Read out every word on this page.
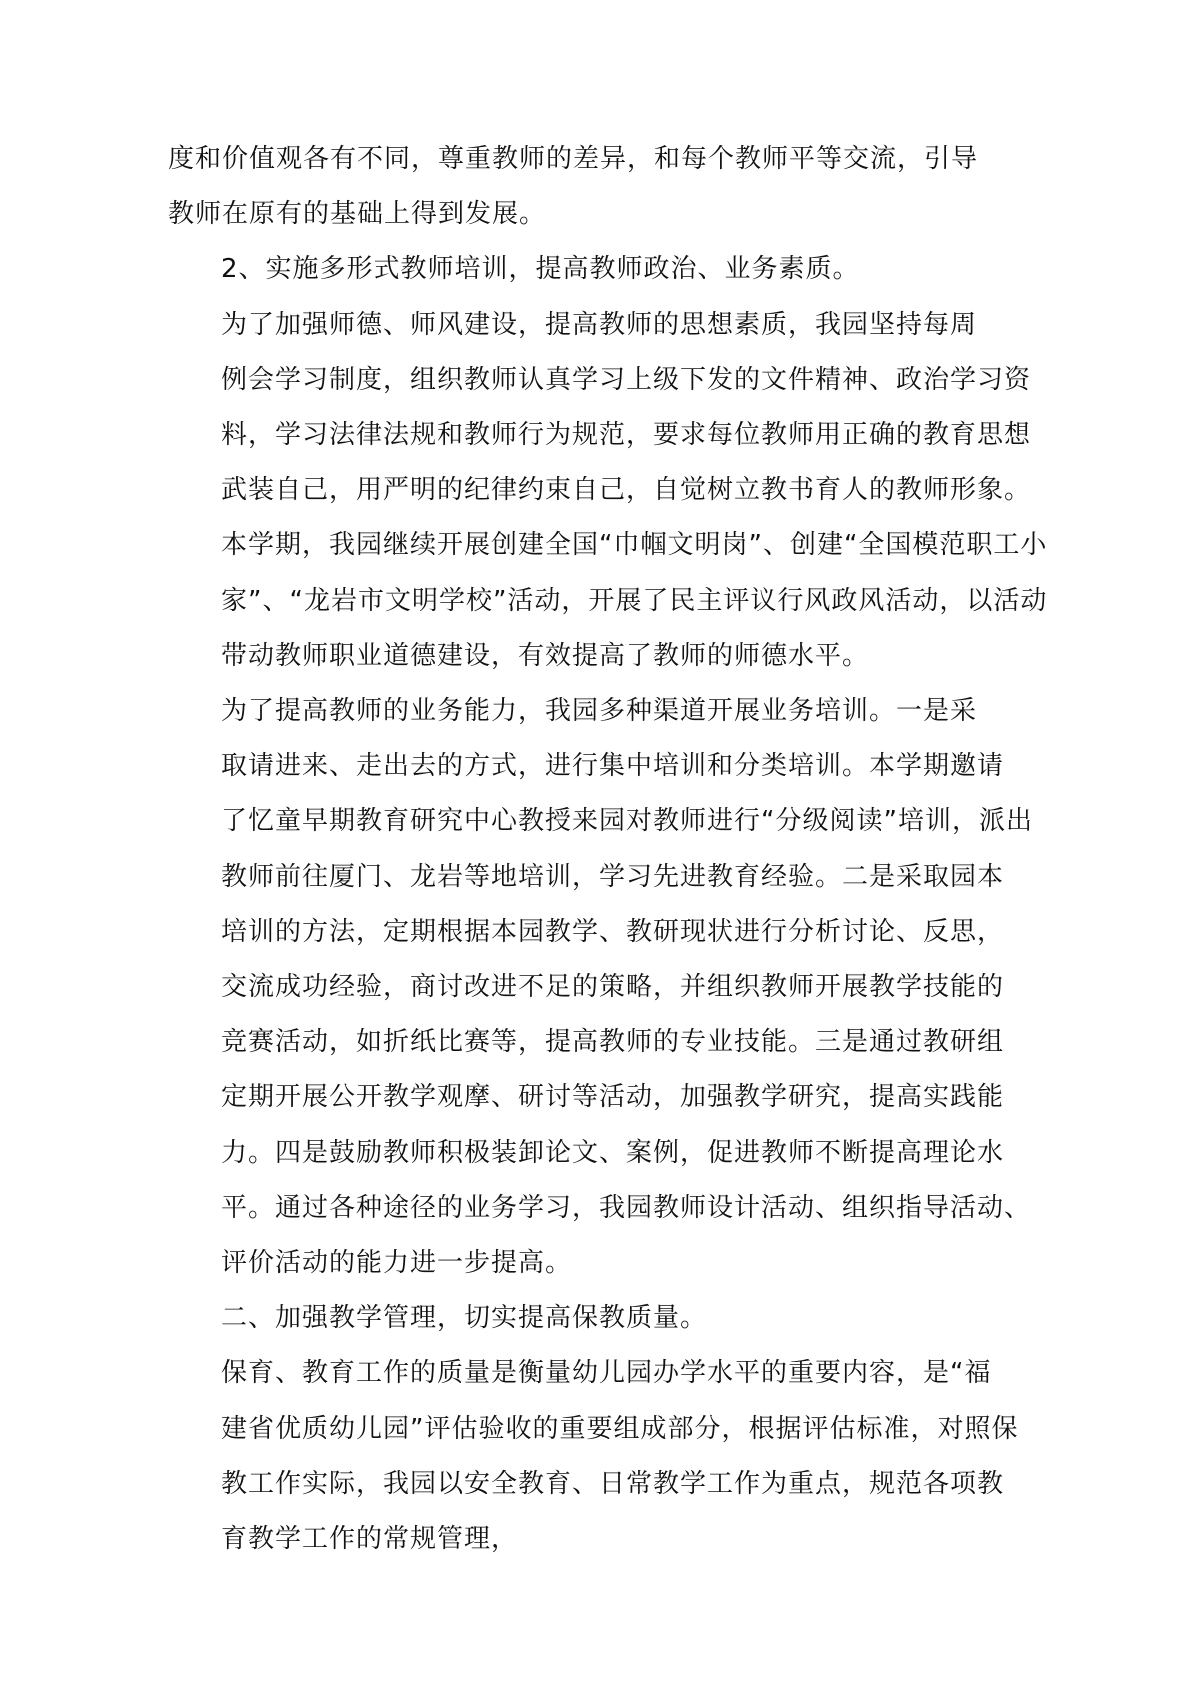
度和价值观各有不同，尊重教师的差异，和每个教师平等交流，引导
教师在原有的基础上得到发展。

2、实施多形式教师培训，提高教师政治、业务素质。

为了加强师德、师风建设，提高教师的思想素质，我园坚持每周
例会学习制度，组织教师认真学习上级下发的文件精神、政治学习资
料，学习法律法规和教师行为规范，要求每位教师用正确的教育思想
武装自己，用严明的纪律约束自己，自觉树立教书育人的教师形象。
本学期，我园继续开展创建全国“巾帼文明岗”、创建“全国模范职工小
家”、“龙岩市文明学校”活动，开展了民主评议行风政风活动，以活动
带动教师职业道德建设，有效提高了教师的师德水平。

为了提高教师的业务能力，我园多种渠道开展业务培训。一是采
取请进来、走出去的方式，进行集中培训和分类培训。本学期邀请
了忆童早期教育研究中心教授来园对教师进行“分级阅读”培训，派出
教师前往厦门、龙岩等地培训，学习先进教育经验。二是采取园本
培训的方法，定期根据本园教学、教研现状进行分析讨论、反思，
交流成功经验，商讨改进不足的策略，并组织教师开展教学技能的
竞赛活动，如折纸比赛等，提高教师的专业技能。三是通过教研组
定期开展公开教学观摩、研讨等活动，加强教学研究，提高实践能
力。四是鼓励教师积极装卸论文、案例，促进教师不断提高理论水
平。通过各种途径的业务学习，我园教师设计活动、组织指导活动、
评价活动的能力进一步提高。

二、加强教学管理，切实提高保教质量。

保育、教育工作的质量是衡量幼儿园办学水平的重要内容，是“福
建省优质幼儿园”评估验收的重要组成部分，根据评估标准，对照保
教工作实际，我园以安全教育、日常教学工作为重点，规范各项教
育教学工作的常规管理，
